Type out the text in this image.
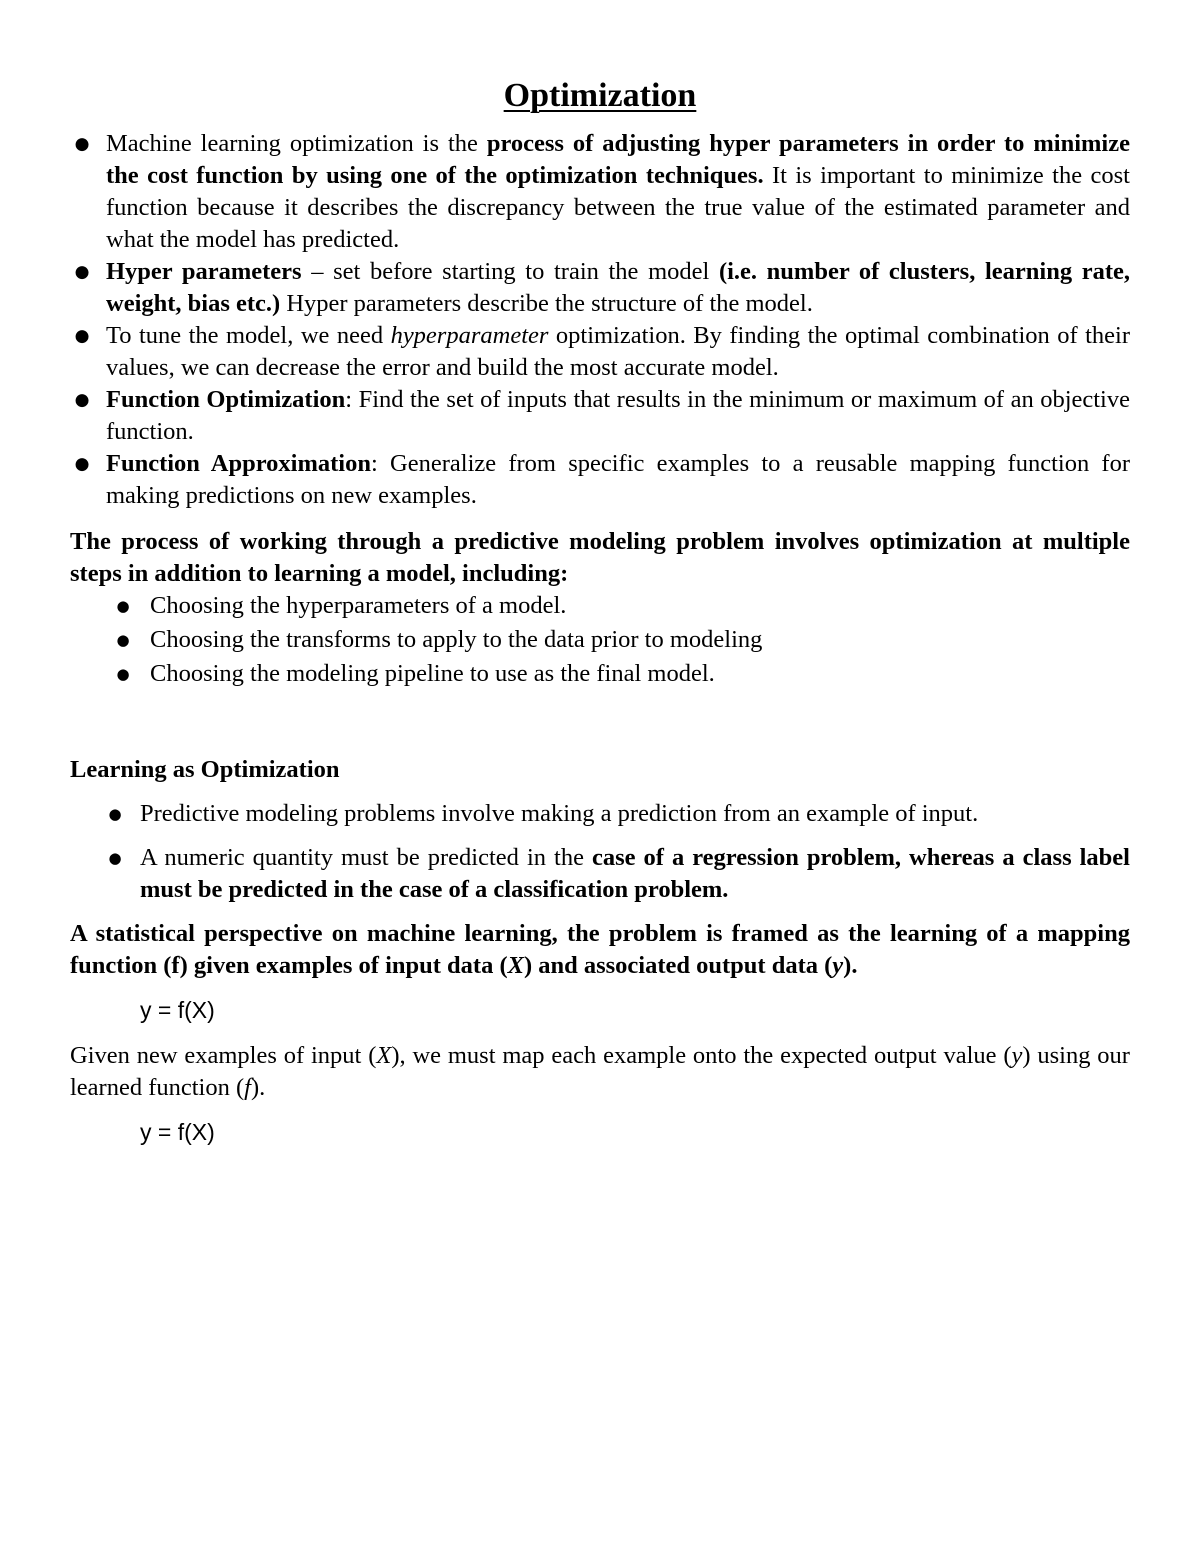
Optimization
● Machine learning optimization is the process of adjusting hyper parameters in order to minimize the cost function by using one of the optimization techniques. It is important to minimize the cost function because it describes the discrepancy between the true value of the estimated parameter and what the model has predicted.
● Hyper parameters – set before starting to train the model (i.e. number of clusters, learning rate, weight, bias etc.) Hyper parameters describe the structure of the model.
● To tune the model, we need hyperparameter optimization. By finding the optimal combination of their values, we can decrease the error and build the most accurate model.
● Function Optimization: Find the set of inputs that results in the minimum or maximum of an objective function.
● Function Approximation: Generalize from specific examples to a reusable mapping function for making predictions on new examples.

The process of working through a predictive modeling problem involves optimization at multiple steps in addition to learning a model, including:

● Choosing the hyperparameters of a model.
● Choosing the transforms to apply to the data prior to modeling
● Choosing the modeling pipeline to use as the final model.

Learning as Optimization

● Predictive modeling problems involve making a prediction from an example of input.
● A numeric quantity must be predicted in the case of a regression problem, whereas a class label must be predicted in the case of a classification problem.

A statistical perspective on machine learning, the problem is framed as the learning of a mapping function (f) given examples of input data (X) and associated output data (y).

y = f(X)

Given new examples of input (X), we must map each example onto the expected output value (y) using our learned function (f).

y = f(X)
